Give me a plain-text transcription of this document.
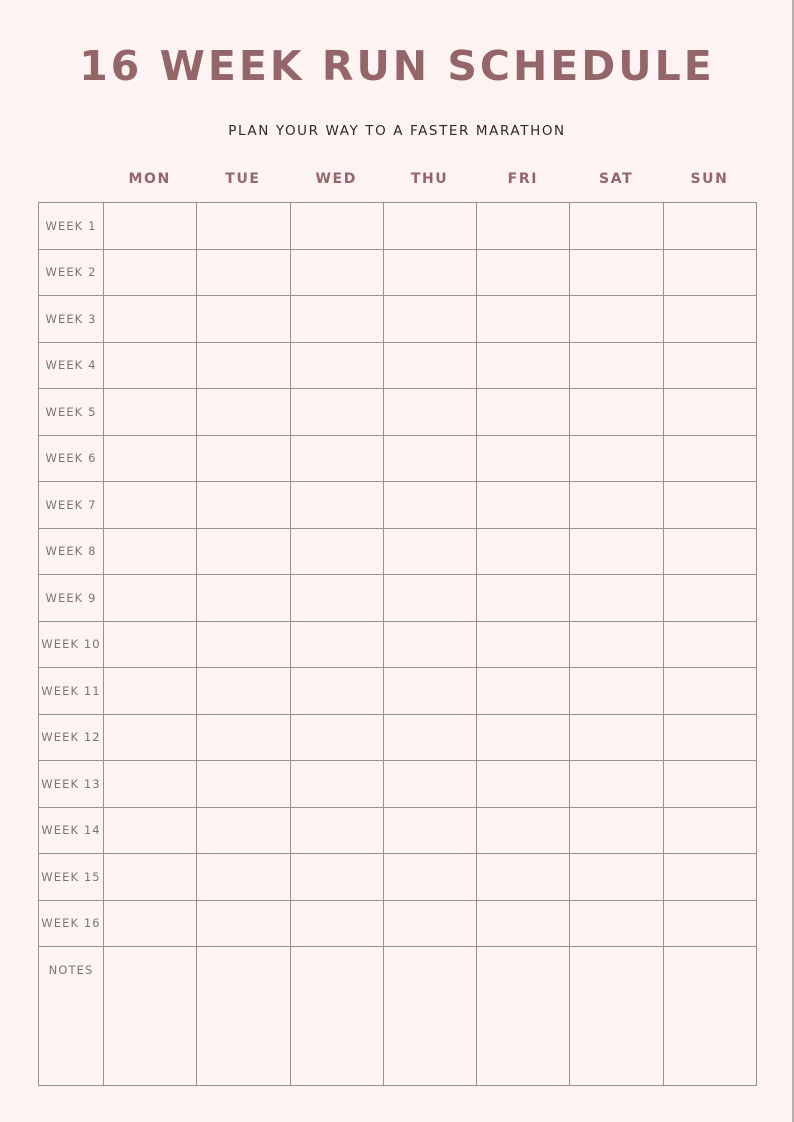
16 WEEK RUN SCHEDULE
PLAN YOUR WAY TO A FASTER MARATHON
MON	TUE	WED	THU	FRI	SAT	SUN
WEEK 1							
WEEK 2							
WEEK 3							
WEEK 4							
WEEK 5							
WEEK 6							
WEEK 7							
WEEK 8							
WEEK 9							
WEEK 10							
WEEK 11							
WEEK 12							
WEEK 13							
WEEK 14							
WEEK 15							
WEEK 16							
NOTES							
